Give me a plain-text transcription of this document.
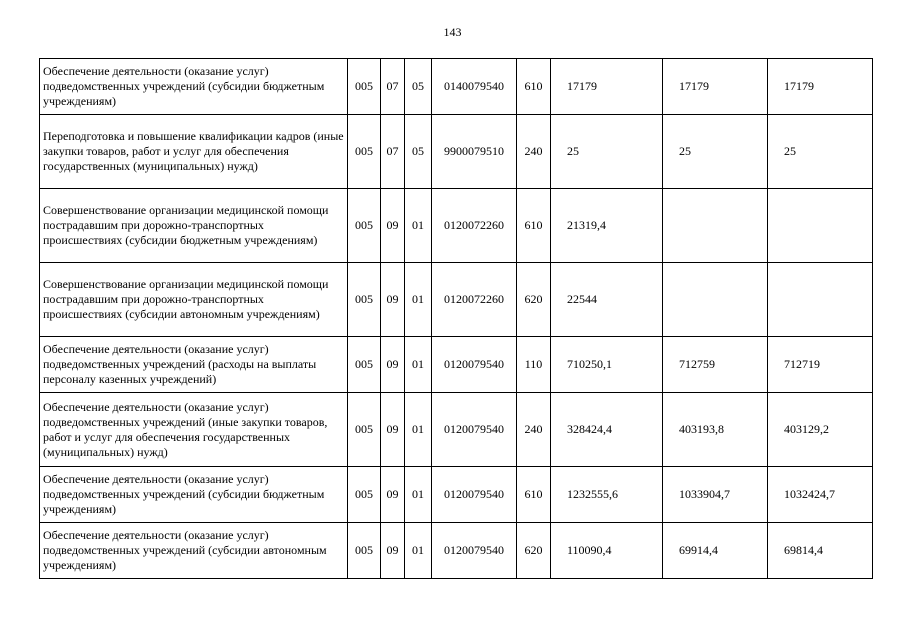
143
Обеспечение деятельности (оказание услуг) подведомственных учреждений (субсидии бюджетным учреждениям)	005	07	05	0140079540	610	17179	17179	17179
Переподготовка и повышение квалификации кадров (иные закупки товаров, работ и услуг для обеспечения государственных (муниципальных) нужд)	005	07	05	9900079510	240	25	25	25
Совершенствование организации медицинской помощи пострадавшим при дорожно-транспортных происшествиях (субсидии бюджетным учреждениям)	005	09	01	0120072260	610	21319,4		
Совершенствование организации медицинской помощи пострадавшим при дорожно-транспортных происшествиях (субсидии автономным учреждениям)	005	09	01	0120072260	620	22544		
Обеспечение деятельности (оказание услуг) подведомственных учреждений (расходы на выплаты персоналу казенных учреждений)	005	09	01	0120079540	110	710250,1	712759	712719
Обеспечение деятельности (оказание услуг) подведомственных учреждений (иные закупки товаров, работ и услуг для обеспечения государственных (муниципальных) нужд)	005	09	01	0120079540	240	328424,4	403193,8	403129,2
Обеспечение деятельности (оказание услуг) подведомственных учреждений (субсидии бюджетным учреждениям)	005	09	01	0120079540	610	1232555,6	1033904,7	1032424,7
Обеспечение деятельности (оказание услуг) подведомственных учреждений (субсидии автономным учреждениям)	005	09	01	0120079540	620	110090,4	69914,4	69814,4
